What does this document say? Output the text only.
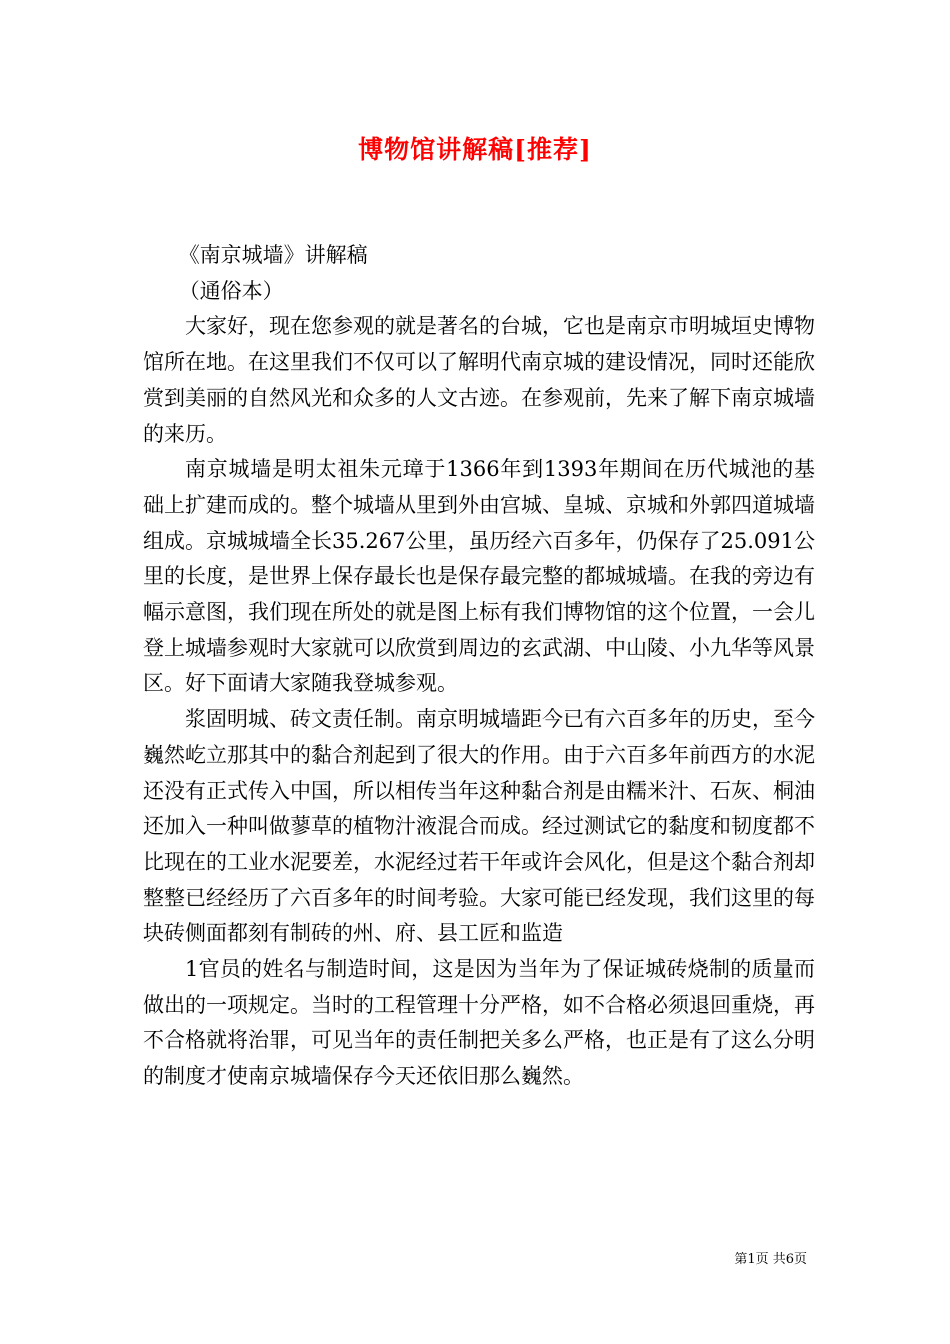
博物馆讲解稿[推荐]

《南京城墙》讲解稿

（通俗本）

大家好，现在您参观的就是著名的台城，它也是南京市明城垣史博物馆所在地。在这里我们不仅可以了解明代南京城的建设情况，同时还能欣赏到美丽的自然风光和众多的人文古迹。在参观前，先来了解下南京城墙的来历。

南京城墙是明太祖朱元璋于1366年到1393年期间在历代城池的基础上扩建而成的。整个城墙从里到外由宫城、皇城、京城和外郭四道城墙组成。京城城墙全长35.267公里，虽历经六百多年，仍保存了25.091公里的长度，是世界上保存最长也是保存最完整的都城城墙。在我的旁边有幅示意图，我们现在所处的就是图上标有我们博物馆的这个位置，一会儿登上城墙参观时大家就可以欣赏到周边的玄武湖、中山陵、小九华等风景区。好下面请大家随我登城参观。

浆固明城、砖文责任制。南京明城墙距今已有六百多年的历史，至今巍然屹立那其中的黏合剂起到了很大的作用。由于六百多年前西方的水泥还没有正式传入中国，所以相传当年这种黏合剂是由糯米汁、石灰、桐油还加入一种叫做蓼草的植物汁液混合而成。经过测试它的黏度和韧度都不比现在的工业水泥要差，水泥经过若干年或许会风化，但是这个黏合剂却整整已经经历了六百多年的时间考验。大家可能已经发现，我们这里的每块砖侧面都刻有制砖的州、府、县工匠和监造

1官员的姓名与制造时间，这是因为当年为了保证城砖烧制的质量而做出的一项规定。当时的工程管理十分严格，如不合格必须退回重烧，再不合格就将治罪，可见当年的责任制把关多么严格，也正是有了这么分明的制度才使南京城墙保存今天还依旧那么巍然。

第1页 共6页
